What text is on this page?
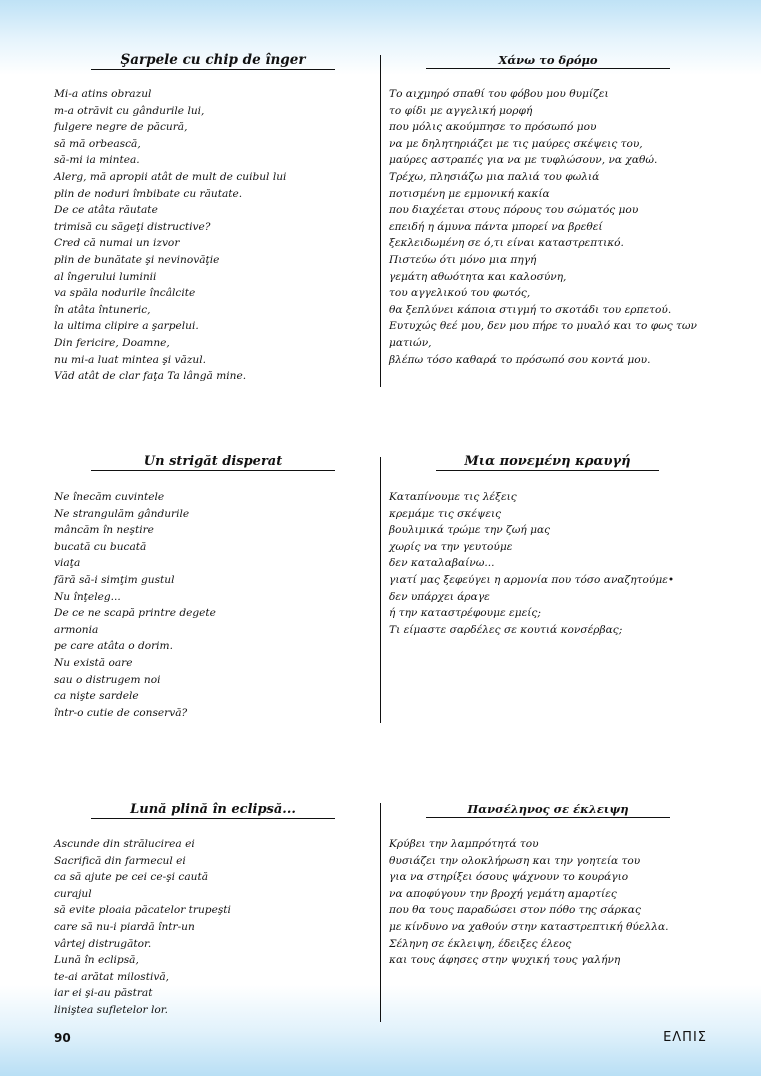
Şarpele cu chip de înger
Mi-a atins obrazul
m-a otrăvit cu gândurile lui,
fulgere negre de păcură,
să mă orbească,
să-mi ia mintea.
Alerg, mă apropii atât de mult de cuibul lui
plin de noduri îmbibate cu răutate.
De ce atâta răutate
trimisă cu săgeţi distructive?
Cred că numai un izvor
plin de bunătate şi nevinovăţie
al îngerului luminii
va spăla nodurile încâlcite
în atâta întuneric,
la ultima clipire a şarpelui.
Din fericire, Doamne,
nu mi-a luat mintea şi văzul.
Văd atât de clar faţa Ta lângă mine.
Χάνω το δρόμο
Το αιχμηρό σπαθί του φόβου μου θυμίζει
το φίδι με αγγελική μορφή
που μόλις ακούμπησε το πρόσωπό μου
να με δηλητηριάζει με τις μαύρες σκέψεις του,
μαύρες αστραπές για να με τυφλώσουν, να χαθώ.
Τρέχω, πλησιάζω μια παλιά του φωλιά
ποτισμένη με εμμονική κακία
που διαχέεται στους πόρους του σώματός μου
επειδή η άμυνα πάντα μπορεί να βρεθεί
ξεκλειδωμένη σε ό,τι είναι καταστρεπτικό.
Πιστεύω ότι μόνο μια πηγή
γεμάτη αθωότητα και καλοσύνη,
του αγγελικού του φωτός,
θα ξεπλύνει κάποια στιγμή το σκοτάδι του ερπετού.
Ευτυχώς θεέ μου, δεν μου πήρε το μυαλό και το φως των
ματιών,
βλέπω τόσο καθαρά το πρόσωπό σου κοντά μου.
Un strigăt disperat
Ne înecăm cuvintele
Ne strangulăm gândurile
mâncăm în neştire
bucată cu bucată
viaţa
fără să-i simţim gustul
Nu înţeleg...
De ce ne scapă printre degete
armonia
pe care atâta o dorim.
Nu există oare
sau o distrugem noi
ca nişte sardele
într-o cutie de conservă?
Μια πονεμένη κραυγή
Καταπίνουμε τις λέξεις
κρεμάμε τις σκέψεις
βουλιμικά τρώμε την ζωή μας
χωρίς να την γευτούμε
δεν καταλαβαίνω...
γιατί μας ξεφεύγει η αρμονία που τόσο αναζητούμε•
δεν υπάρχει άραγε
ή την καταστρέφουμε εμείς;
Τι είμαστε σαρδέλες σε κουτιά κονσέρβας;
Lună plină în eclipsă...
Ascunde din strălucirea ei
Sacrifică din farmecul ei
ca să ajute pe cei ce-şi caută
curajul
să evite ploaia păcatelor trupeşti
care să nu-i piardă într-un
vârtej distrugător.
Lună în eclipsă,
te-ai arătat milostivă,
iar ei şi-au păstrat
liniştea sufletelor lor.
Πανσέληνος σε έκλειψη
Κρύβει την λαμπρότητά του
θυσιάζει την ολοκλήρωση και την γοητεία του
για να στηρίξει όσους ψάχνουν το κουράγιο
να αποφύγουν την βροχή γεμάτη αμαρτίες
που θα τους παραδώσει στον πόθο της σάρκας
με κίνδυνο να χαθούν στην καταστρεπτική θύελλα.
Σέληνη σε έκλειψη, έδειξες έλεος
και τους άφησες στην ψυχική τους γαλήνη
90	ΕΛΠΙΣ
